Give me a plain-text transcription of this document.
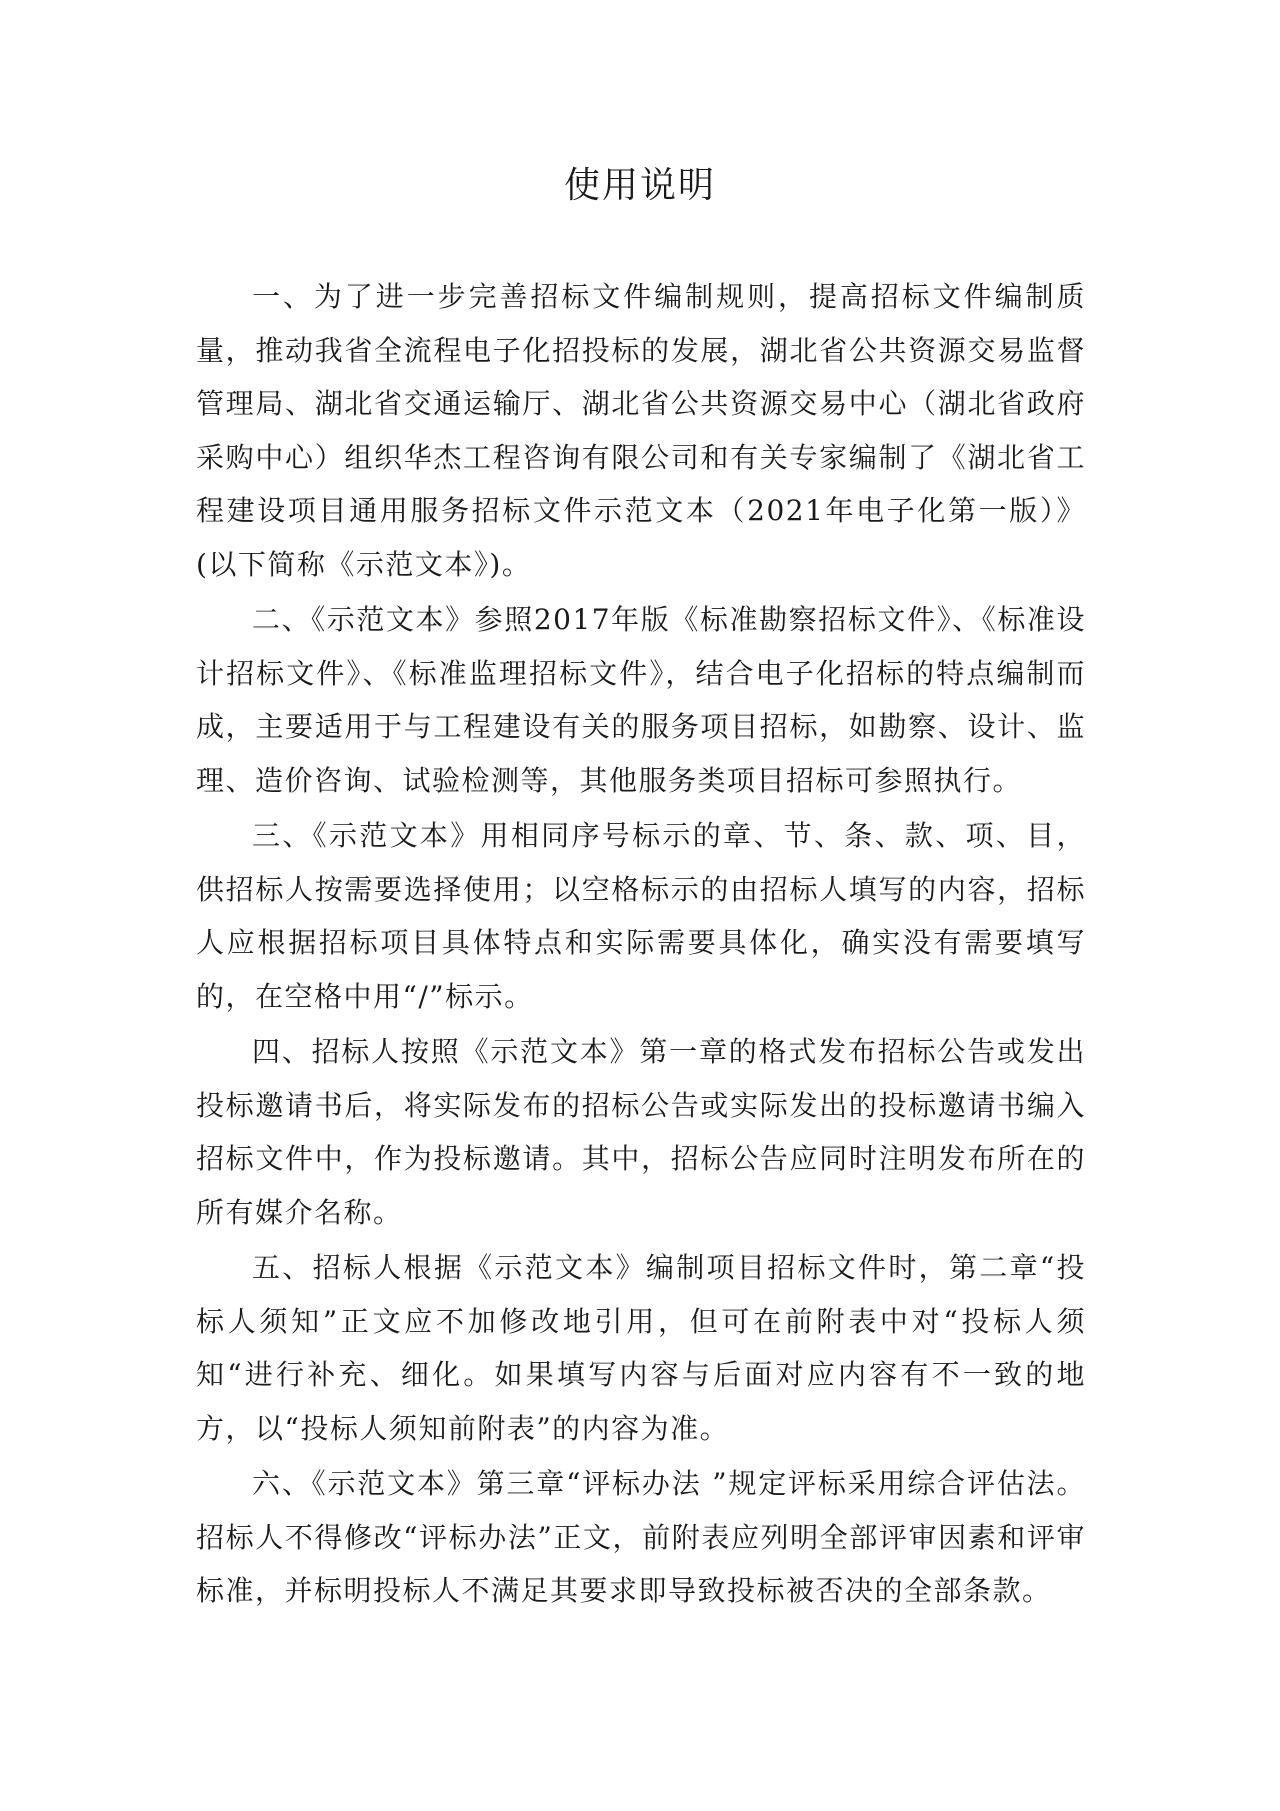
使用说明

一、为了进一步完善招标文件编制规则，提高招标文件编制质量，推动我省全流程电子化招投标的发展，湖北省公共资源交易监督管理局、湖北省交通运输厅、湖北省公共资源交易中心（湖北省政府采购中心）组织华杰工程咨询有限公司和有关专家编制了《湖北省工程建设项目通用服务招标文件示范文本（2021年电子化第一版）》(以下简称《示范文本》)。

二、《示范文本》参照2017年版《标准勘察招标文件》、《标准设计招标文件》、《标准监理招标文件》，结合电子化招标的特点编制而成，主要适用于与工程建设有关的服务项目招标，如勘察、设计、监理、造价咨询、试验检测等，其他服务类项目招标可参照执行。

三、《示范文本》用相同序号标示的章、节、条、款、项、目，供招标人按需要选择使用；以空格标示的由招标人填写的内容，招标人应根据招标项目具体特点和实际需要具体化，确实没有需要填写的，在空格中用“/”标示。

四、招标人按照《示范文本》第一章的格式发布招标公告或发出投标邀请书后，将实际发布的招标公告或实际发出的投标邀请书编入招标文件中，作为投标邀请。其中，招标公告应同时注明发布所在的所有媒介名称。

五、招标人根据《示范文本》编制项目招标文件时，第二章“投标人须知”正文应不加修改地引用，但可在前附表中对“投标人须知“进行补充、细化。如果填写内容与后面对应内容有不一致的地方，以“投标人须知前附表”的内容为准。

六、《示范文本》第三章“评标办法 ”规定评标采用综合评估法。招标人不得修改“评标办法”正文，前附表应列明全部评审因素和评审标准，并标明投标人不满足其要求即导致投标被否决的全部条款。
